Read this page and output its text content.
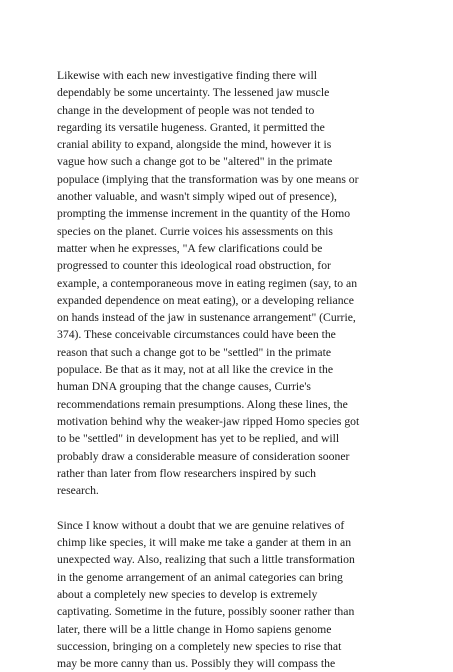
Likewise with each new investigative finding there will
dependably be some uncertainty. The lessened jaw muscle
change in the development of people was not tended to
regarding its versatile hugeness. Granted, it permitted the
cranial ability to expand, alongside the mind, however it is
vague how such a change got to be "altered" in the primate
populace (implying that the transformation was by one means or
another valuable, and wasn't simply wiped out of presence),
prompting the immense increment in the quantity of the Homo
species on the planet. Currie voices his assessments on this
matter when he expresses, "A few clarifications could be
progressed to counter this ideological road obstruction, for
example, a contemporaneous move in eating regimen (say, to an
expanded dependence on meat eating), or a developing reliance
on hands instead of the jaw in sustenance arrangement" (Currie,
374). These conceivable circumstances could have been the
reason that such a change got to be "settled" in the primate
populace. Be that as it may, not at all like the crevice in the
human DNA grouping that the change causes, Currie's
recommendations remain presumptions. Along these lines, the
motivation behind why the weaker-jaw ripped Homo species got
to be "settled" in development has yet to be replied, and will
probably draw a considerable measure of consideration sooner
rather than later from flow researchers inspired by such
research.
Since I know without a doubt that we are genuine relatives of
chimp like species, it will make me take a gander at them in an
unexpected way. Also, realizing that such a little transformation
in the genome arrangement of an animal categories can bring
about a completely new species to develop is extremely
captivating. Sometime in the future, possibly sooner rather than
later, there will be a little change in Homo sapiens genome
succession, bringing on a completely new species to rise that
may be more canny than us. Possibly they will compass the
